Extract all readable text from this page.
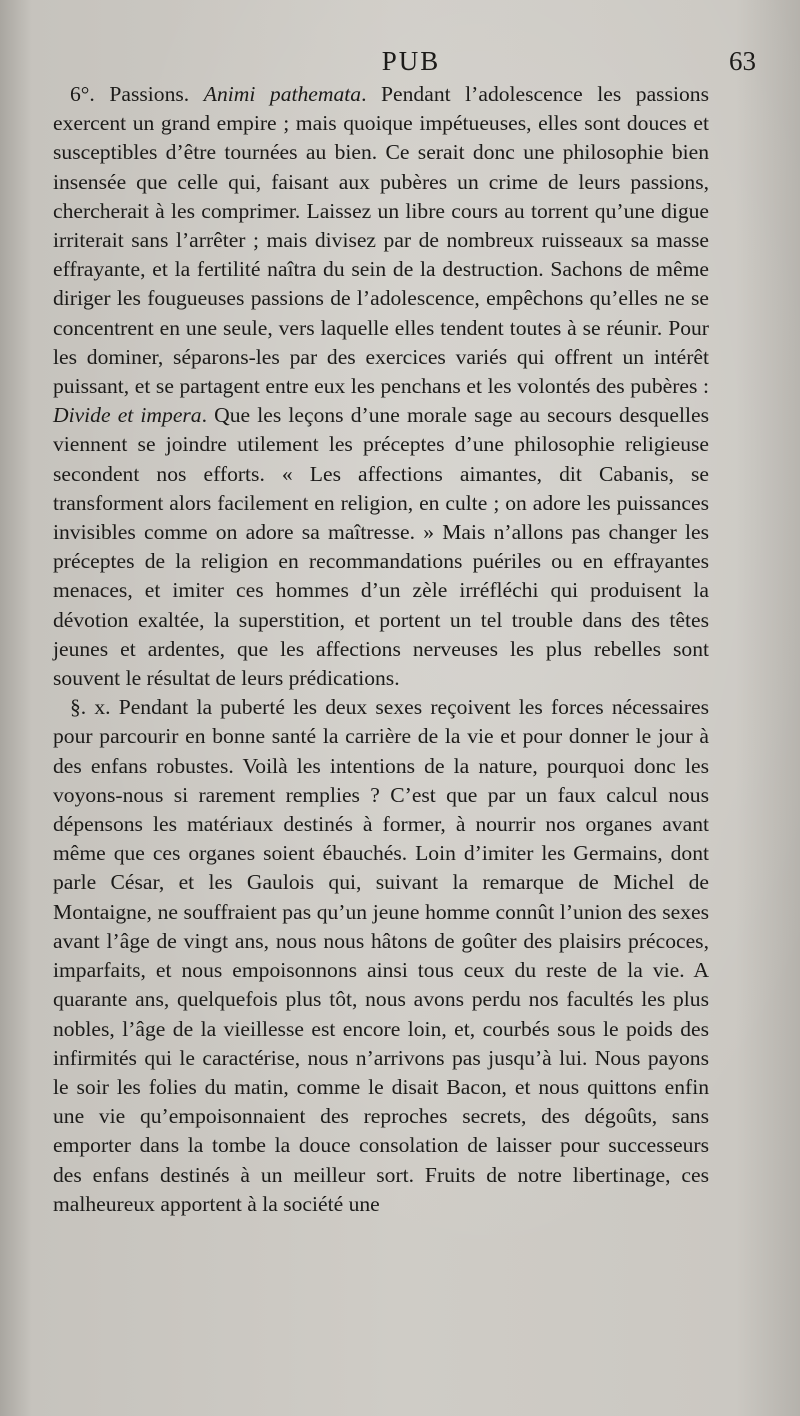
PUB	63

6°. Passions. Animi pathemata. Pendant l’adolescence les passions exercent un grand empire ; mais quoique impétueuses, elles sont douces et susceptibles d’être tournées au bien. Ce serait donc une philosophie bien insensée que celle qui, faisant aux pubères un crime de leurs passions, chercherait à les comprimer. Laissez un libre cours au torrent qu’une digue irriterait sans l’arrêter ; mais divisez par de nombreux ruisseaux sa masse effrayante, et la fertilité naîtra du sein de la destruction. Sachons de même diriger les fougueuses passions de l’adolescence, empêchons qu’elles ne se concentrent en une seule, vers laquelle elles tendent toutes à se réunir. Pour les dominer, séparons-les par des exercices variés qui offrent un intérêt puissant, et se partagent entre eux les penchans et les volontés des pubères : Divide et impera. Que les leçons d’une morale sage au secours desquelles viennent se joindre utilement les préceptes d’une philosophie religieuse secondent nos efforts. « Les affections aimantes, dit Cabanis, se transforment alors facilement en religion, en culte ; on adore les puissances invisibles comme on adore sa maîtresse. » Mais n’allons pas changer les préceptes de la religion en recommandations puériles ou en effrayantes menaces, et imiter ces hommes d’un zèle irréfléchi qui produisent la dévotion exaltée, la superstition, et portent un tel trouble dans des têtes jeunes et ardentes, que les affections nerveuses les plus rebelles sont souvent le résultat de leurs prédications.

§. x. Pendant la puberté les deux sexes reçoivent les forces nécessaires pour parcourir en bonne santé la carrière de la vie et pour donner le jour à des enfans robustes. Voilà les intentions de la nature, pourquoi donc les voyons-nous si rarement remplies ? C’est que par un faux calcul nous dépensons les matériaux destinés à former, à nourrir nos organes avant même que ces organes soient ébauchés. Loin d’imiter les Germains, dont parle César, et les Gaulois qui, suivant la remarque de Michel de Montaigne, ne souffraient pas qu’un jeune homme connût l’union des sexes avant l’âge de vingt ans, nous nous hâtons de goûter des plaisirs précoces, imparfaits, et nous empoisonnons ainsi tous ceux du reste de la vie. A quarante ans, quelquefois plus tôt, nous avons perdu nos facultés les plus nobles, l’âge de la vieillesse est encore loin, et, courbés sous le poids des infirmités qui le caractérise, nous n’arrivons pas jusqu’à lui. Nous payons le soir les folies du matin, comme le disait Bacon, et nous quittons enfin une vie qu’empoisonnaient des reproches secrets, des dégoûts, sans emporter dans la tombe la douce consolation de laisser pour successeurs des enfans destinés à un meilleur sort. Fruits de notre libertinage, ces malheureux apportent à la société une
